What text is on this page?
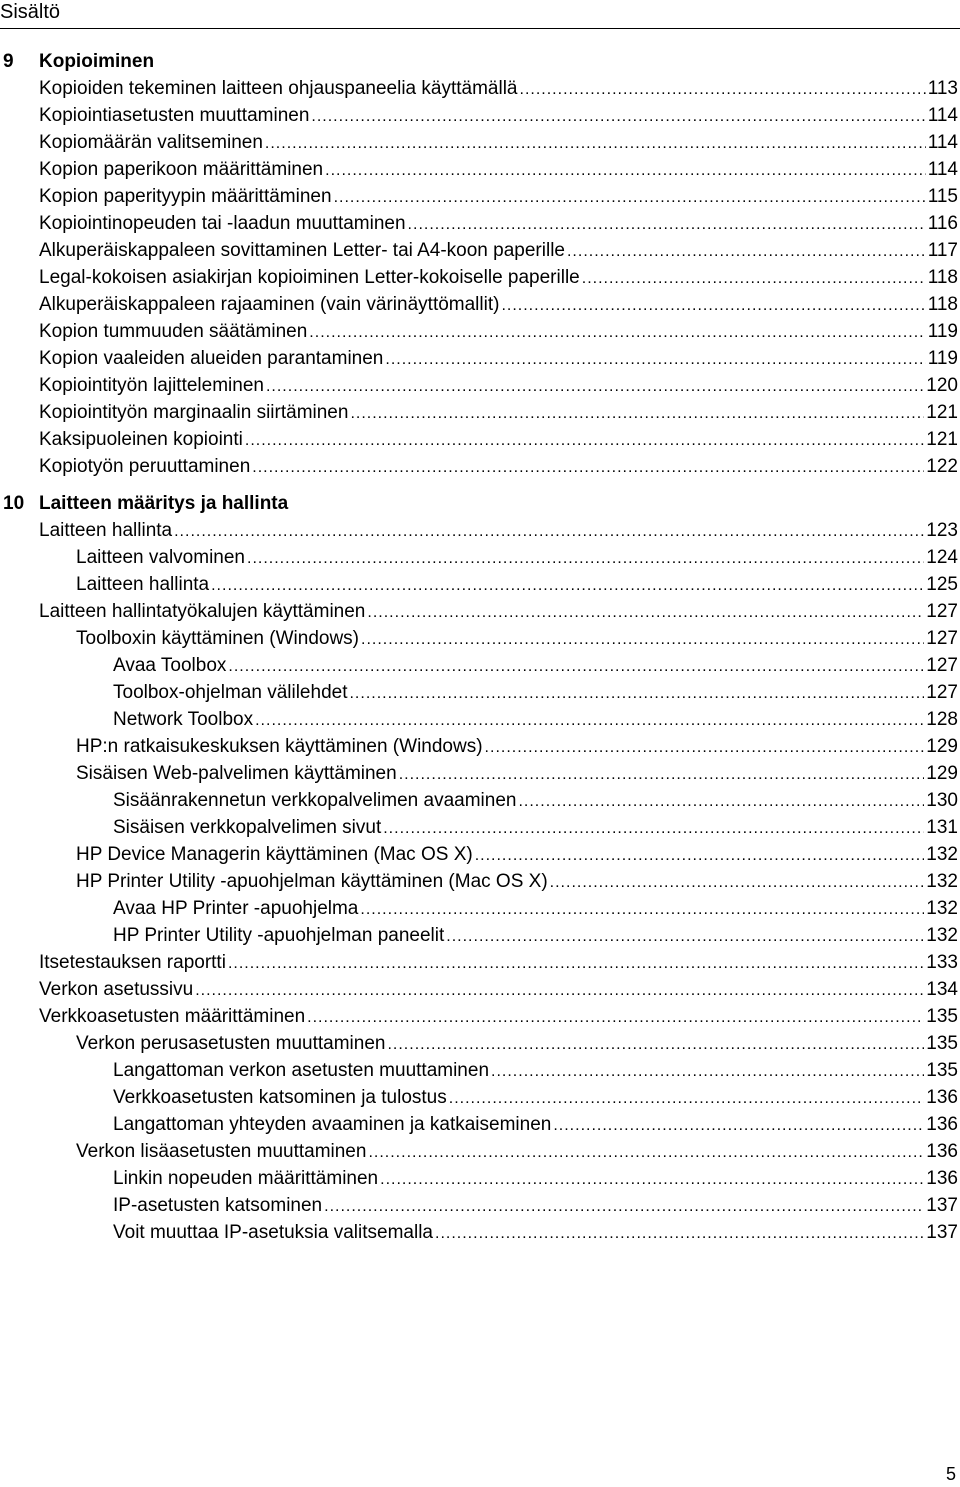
Sisältö
9	Kopioiminen
Kopioiden tekeminen laitteen ohjauspaneelia käyttämällä .....	113
Kopiointiasetusten muuttaminen .....	114
Kopiomäärän valitseminen .....	114
Kopion paperikoon määrittäminen .....	114
Kopion paperityypin määrittäminen .....	115
Kopiointinopeuden tai -laadun muuttaminen .....	116
Alkuperäiskappaleen sovittaminen Letter- tai A4-koon paperille .....	117
Legal-kokoisen asiakirjan kopioiminen Letter-kokoiselle paperille .....	118
Alkuperäiskappaleen rajaaminen (vain värinäyttömallit) .....	118
Kopion tummuuden säätäminen .....	119
Kopion vaaleiden alueiden parantaminen .....	119
Kopiointityön lajitteleminen .....	120
Kopiointityön marginaalin siirtäminen .....	121
Kaksipuoleinen kopiointi .....	121
Kopiotyön peruuttaminen .....	122
10 Laitteen määritys ja hallinta
Laitteen hallinta .....	123
Laitteen valvominen .....	124
Laitteen hallinta .....	125
Laitteen hallintatyökalujen käyttäminen .....	127
Toolboxin käyttäminen (Windows) .....	127
Avaa Toolbox .....	127
Toolbox-ohjelman välilehdet .....	127
Network Toolbox .....	128
HP:n ratkaisukeskuksen käyttäminen (Windows) .....	129
Sisäisen Web-palvelimen käyttäminen .....	129
Sisäänrakennetun verkkopalvelimen avaaminen .....	130
Sisäisen verkkopalvelimen sivut .....	131
HP Device Managerin käyttäminen (Mac OS X) .....	132
HP Printer Utility -apuohjelman käyttäminen (Mac OS X) .....	132
Avaa HP Printer -apuohjelma .....	132
HP Printer Utility -apuohjelman paneelit .....	132
Itsetestauksen raportti .....	133
Verkon asetussivu .....	134
Verkkoasetusten määrittäminen .....	135
Verkon perusasetusten muuttaminen .....	135
Langattoman verkon asetusten muuttaminen .....	135
Verkkoasetusten katsominen ja tulostus .....	136
Langattoman yhteyden avaaminen ja katkaiseminen .....	136
Verkon lisäasetusten muuttaminen .....	136
Linkin nopeuden määrittäminen .....	136
IP-asetusten katsominen .....	137
Voit muuttaa IP-asetuksia valitsemalla .....	137
5
